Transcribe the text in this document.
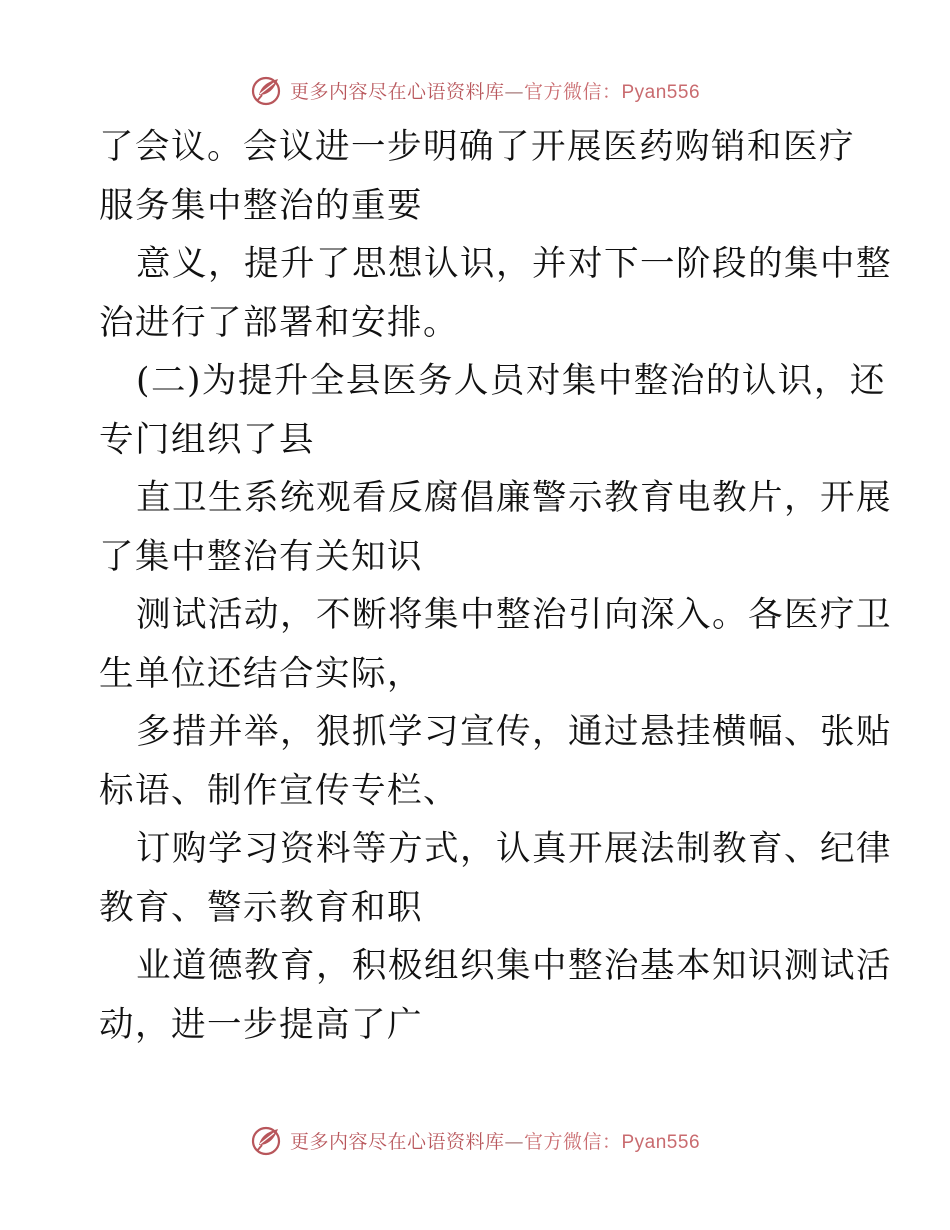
更多内容尽在心语资料库—官方微信：Pyan556
了会议。会议进一步明确了开展医药购销和医疗
服务集中整治的重要
意义，提升了思想认识，并对下一阶段的集中整
治进行了部署和安排。
(二)为提升全县医务人员对集中整治的认识，还
专门组织了县
直卫生系统观看反腐倡廉警示教育电教片，开展
了集中整治有关知识
测试活动，不断将集中整治引向深入。各医疗卫
生单位还结合实际，
多措并举，狠抓学习宣传，通过悬挂横幅、张贴
标语、制作宣传专栏、
订购学习资料等方式，认真开展法制教育、纪律
教育、警示教育和职
业道德教育，积极组织集中整治基本知识测试活
动，进一步提高了广
更多内容尽在心语资料库—官方微信：Pyan556
